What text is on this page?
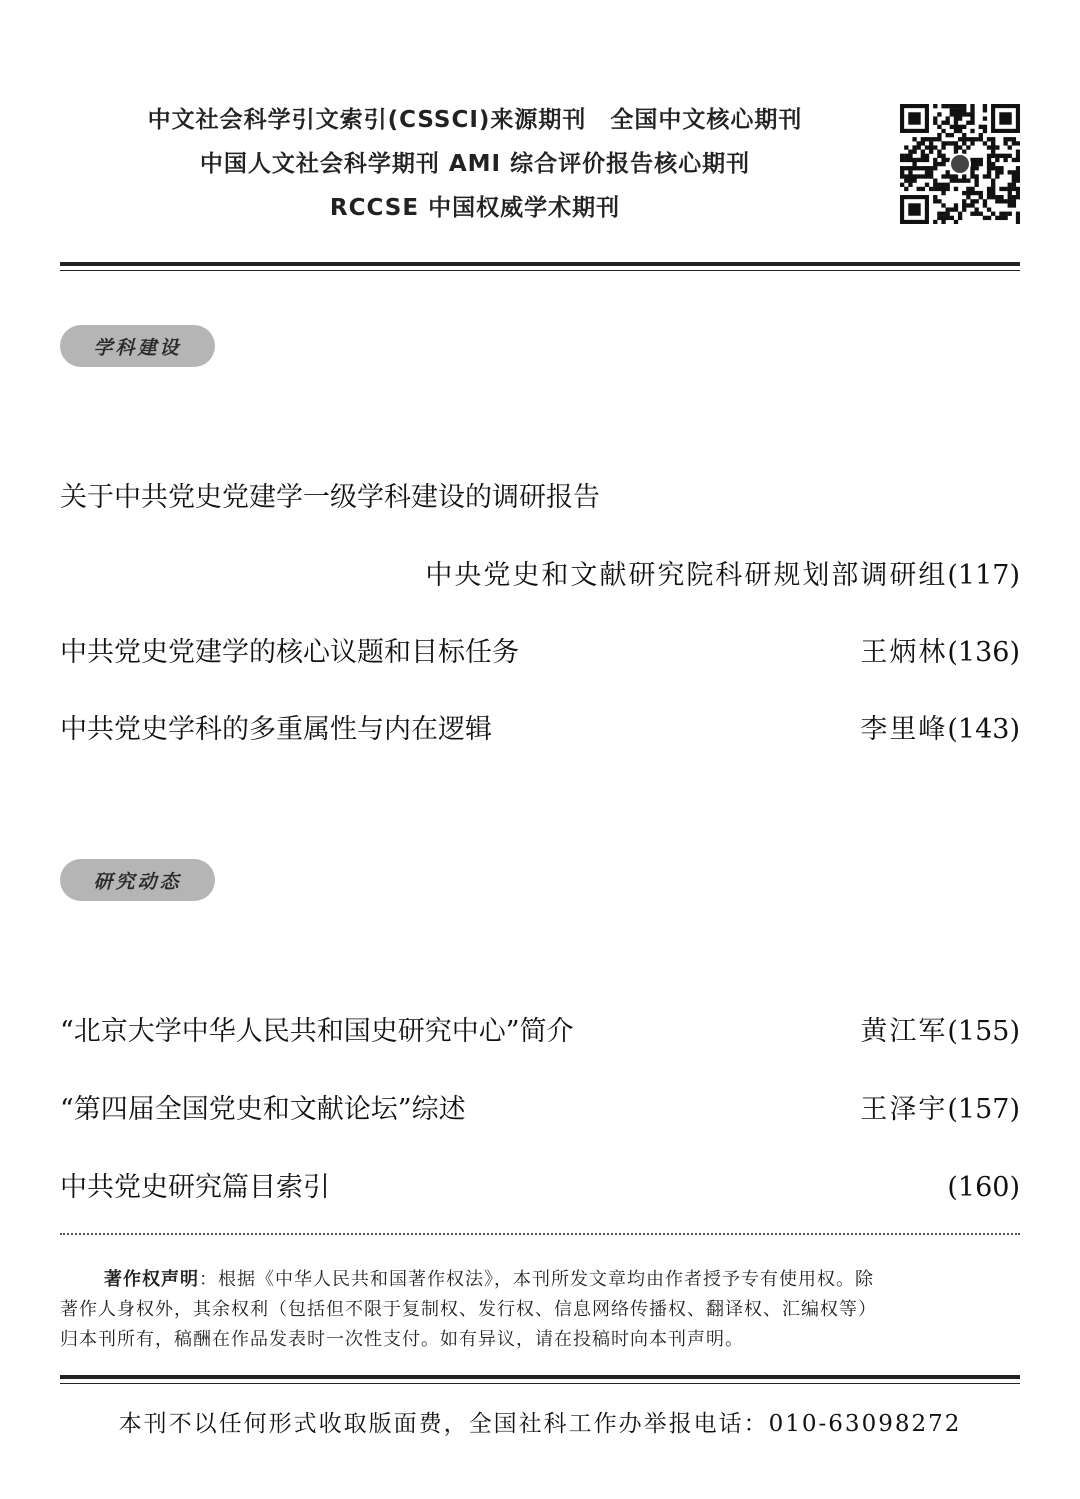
中文社会科学引文索引(CSSCI)来源期刊　全国中文核心期刊
中国人文社会科学期刊 AMI 综合评价报告核心期刊
RCCSE 中国权威学术期刊
学科建设
关于中共党史党建学一级学科建设的调研报告
中央党史和文献研究院科研规划部调研组(117)
中共党史党建学的核心议题和目标任务	王炳林(136)
中共党史学科的多重属性与内在逻辑	李里峰(143)
研究动态
“北京大学中华人民共和国史研究中心”简介	黄江军(155)
“第四届全国党史和文献论坛”综述	王泽宇(157)
中共党史研究篇目索引	(160)
著作权声明：根据《中华人民共和国著作权法》，本刊所发文章均由作者授予专有使用权。除
著作人身权外，其余权利（包括但不限于复制权、发行权、信息网络传播权、翻译权、汇编权等）
归本刊所有，稿酬在作品发表时一次性支付。如有异议，请在投稿时向本刊声明。
本刊不以任何形式收取版面费，全国社科工作办举报电话：010-63098272
